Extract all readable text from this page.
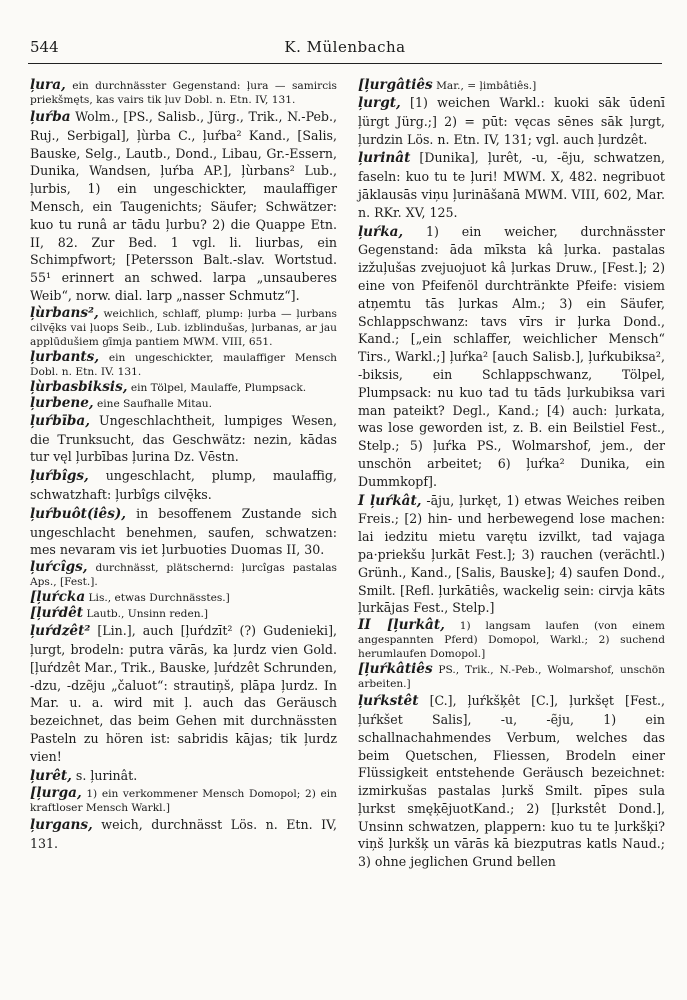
544	K. Mülenbacha
ļura, ein durchnässter Gegenstand: ļura — samircis priekšmęts, kas vairs tik ļuv Dobl. n. Etn. IV, 131.
ļuŕba Wolm., [PS., Salisb., Jürg., Trik., N.-Peb., Ruj., Serbigal], ļùrba C., ļuŕba² Kand., [Salis, Bauske, Selg., Lautb., Dond., Libau, Gr.-Essern, Dunika, Wandsen, ļuŕba AP.], ļùrbans² Lub., ļurbis, 1) ein ungeschickter, maulaffiger Mensch, ein Taugenichts; Säufer; Schwätzer: kuo tu runâ ar tādu ļurbu? 2) die Quappe Etn. II, 82. Zur Bed. 1 vgl. li. liurbas, ein Schimpfwort; [Petersson Balt.-slav. Wortstud. 55¹ erinnert an schwed. larpa „unsauberes Weib“, norw. dial. larp „nasser Schmutz“].
ļùrbans², weichlich, schlaff, plump: ļurba — ļurbans cilvę̄ks vai ļuops Seib., Lub. izblindušas, ļurbanas, ar jau applūdušiem gīmja pantiem MWM. VIII, 651.
ļurbants, ein ungeschickter, maulaffiger Mensch Dobl. n. Etn. IV. 131.
ļùrbasbiksis, ein Tölpel, Maulaffe, Plumpsack.
ļurbene, eine Saufhalle Mitau.
ļuŕbība, Ungeschlachtheit, lumpiges Wesen, die Trunksucht, das Geschwätz: nezin, kādas tur vęl ļurbības ļurina Dz. Vēstn.
ļuŕbîgs, ungeschlacht, plump, maulaffig, schwatzhaft: ļurbîgs cilvę̄ks.
ļuŕbuôt(iês), in besoffenem Zustande sich ungeschlacht benehmen, saufen, schwatzen: mes nevaram vis iet ļurbuoties Duomas II, 30.
ļuŕcîgs, durchnässt, plätschernd: ļurcîgas pastalas Aps., [Fest.].
[ļuŕcka Lis., etwas Durchnässtes.]
[ļuŕdêt Lautb., Unsinn reden.]
ļuŕdzêt² [Lin.], auch [ļuŕdzīt² (?) Gudenieki], ļurgt, brodeln: putra vārās, ka ļurdz vien Gold. [ļuŕdzêt Mar., Trik., Bauske, ļuŕdzêt Schrunden, -dzu, -dzẽju „čaluot“: strautiņš, plāpa ļurdz. In Mar. u. a. wird mit ļ. auch das Geräusch bezeichnet, das beim Gehen mit durchnässten Pasteln zu hören ist: sabridis kājas; tik ļurdz vien!
ļurêt, s. ļurinât.
[ļurga, 1) ein verkommener Mensch Domopol; 2) ein kraftloser Mensch Warkl.]
ļurgans, weich, durchnässt Lös. n. Etn. IV, 131.
[ļurgâtiês Mar., = ļimbâtiês.]
ļurgt, [1) weichen Warkl.: kuoki sāk ūdenī ļürgt Jürg.;] 2) = pūt: vęcas sēnes sāk ļurgt, ļurdzin Lös. n. Etn. IV, 131; vgl. auch ļurdzêt.
ļurinât [Dunika], ļurêt, -u, -ẽju, schwatzen, faseln: kuo tu te ļuri! MWM. X, 482. negribuot jāklausās viņu ļurināšanā MWM. VIII, 602, Mar. n. RKr. XV, 125.
ļuŕka, 1) ein weicher, durchnässter Gegenstand: āda mīksta kâ ļurka. pastalas izžuļušas zvejuojuot kâ ļurkas Druw., [Fest.]; 2) eine von Pfeifenöl durchtränkte Pfeife: visiem atņemtu tās ļurkas Alm.; 3) ein Säufer, Schlappschwanz: tavs vīrs ir ļurka Dond., Kand.; [„ein schlaffer, weichlicher Mensch“ Tirs., Warkl.;] ļuŕka² [auch Salisb.], ļuŕkubiksa², -biksis, ein Schlappschwanz, Tölpel, Plumpsack: nu kuo tad tu tāds ļurkubiksa vari man pateikt? Degl., Kand.; [4) auch: ļurkata, was lose geworden ist, z. B. ein Beilstiel Fest., Stelp.; 5) ļuŕka PS., Wolmarshof, jem., der unschön arbeitet; 6) ļuŕka² Dunika, ein Dummkopf].
I ļuŕkât, -āju, ļurkęt, 1) etwas Weiches reiben Freis.; [2) hin- und herbewegend lose machen: lai iedzitu mietu varętu izvilkt, tad vajaga pa·priekšu ļurkāt Fest.]; 3) rauchen (verächtl.) Grünh., Kand., [Salis, Bauske]; 4) saufen Dond., Smilt. [Refl. ļurkātiês, wackelig sein: cirvja kāts ļurkājas Fest., Stelp.]
II [ļurkât, 1) langsam laufen (von einem angespannten Pferd) Domopol, Warkl.; 2) suchend herumlaufen Domopol.]
[ļuŕkâtiês PS., Trik., N.-Peb., Wolmarshof, unschön arbeiten.]
ļuŕkstêt [C.], ļuŕkšķêt [C.], ļurkšęt [Fest., ļuŕkšet Salis], -u, -ẽju, 1) ein schallnachahmendes Verbum, welches das beim Quetschen, Fliessen, Brodeln einer Flüssigkeit entstehende Geräusch bezeichnet: izmirkušas pastalas ļurkš Smilt. pīpes sula ļurkst smęķējuotKand.; 2) [ļurkstêt Dond.], Unsinn schwatzen, plappern: kuo tu te ļurkšķi? viņš ļurkšķ un vārās kā biezputras katls Naud.; 3) ohne jeglichen Grund bellen
